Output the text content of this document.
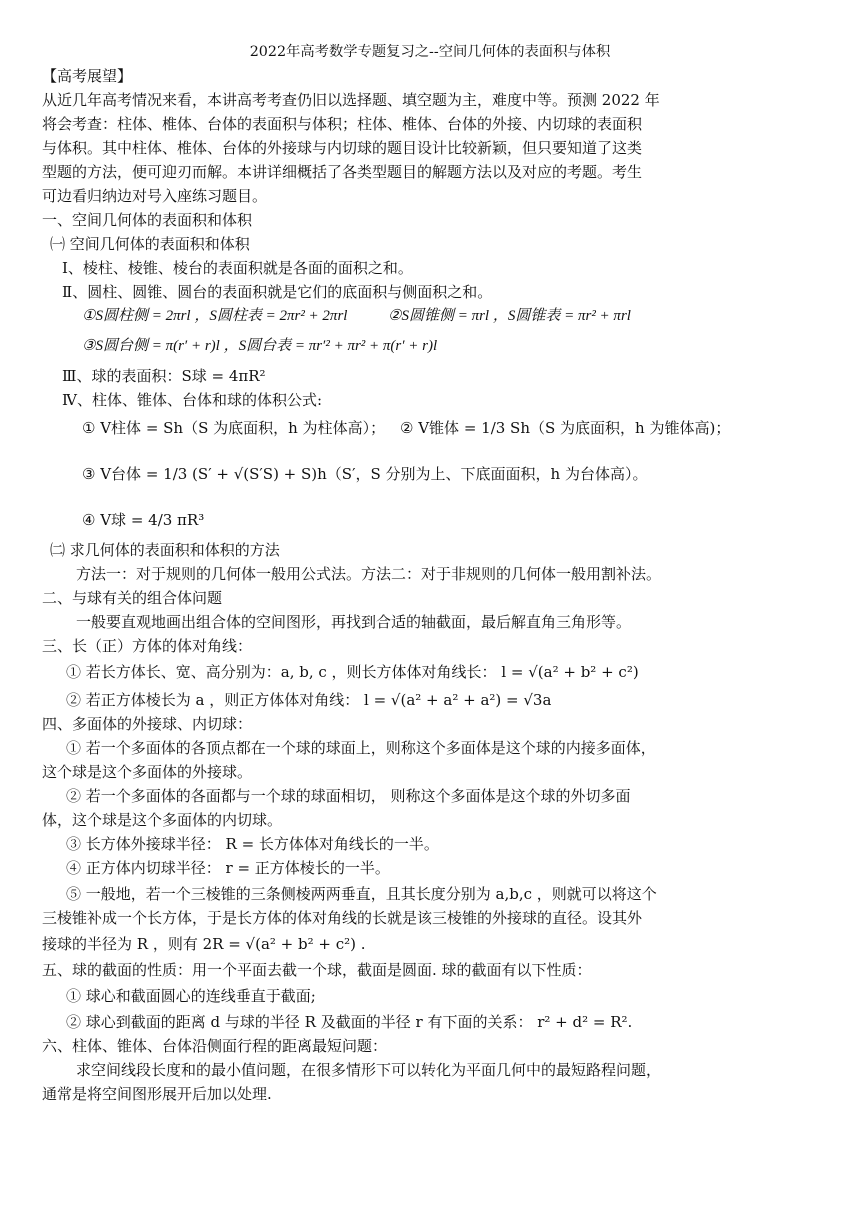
2022年高考数学专题复习之--空间几何体的表面积与体积
【高考展望】
从近几年高考情况来看，本讲高考考查仍旧以选择题、填空题为主，难度中等。预测 2022 年
将会考查：柱体、椎体、台体的表面积与体积；柱体、椎体、台体的外接、内切球的表面积
与体积。其中柱体、椎体、台体的外接球与内切球的题目设计比较新颖，但只要知道了这类
型题的方法，便可迎刃而解。本讲详细概括了各类型题目的解题方法以及对应的考题。考生
可边看归纳边对号入座练习题目。
一、空间几何体的表面积和体积
㈠ 空间几何体的表面积和体积
Ⅰ、棱柱、棱锥、棱台的表面积就是各面的面积之和。
Ⅱ、圆柱、圆锥、圆台的表面积就是它们的底面积与侧面积之和。
①S圆柱侧 = 2πrl ，S圆柱表 = 2πr² + 2πrl	②S圆锥侧 = πrl ，S圆锥表 = πr² + πrl
③S圆台侧 = π(r′ + r)l ，S圆台表 = πr′² + πr² + π(r′ + r)l
Ⅲ、球的表面积：S球 = 4πR²
Ⅳ、柱体、锥体、台体和球的体积公式:
① V柱体 = Sh（S 为底面积，h 为柱体高）； ② V锥体 = 1/3 Sh（S 为底面积，h 为锥体高)；
③ V台体 = 1/3 (S′ + √(S′S) + S)h（S′，S 分别为上、下底面面积，h 为台体高）。
④ V球 = 4/3 πR³
㈡ 求几何体的表面积和体积的方法
方法一：对于规则的几何体一般用公式法。方法二：对于非规则的几何体一般用割补法。
二、与球有关的组合体问题
一般要直观地画出组合体的空间图形，再找到合适的轴截面，最后解直角三角形等。
三、长（正）方体的体对角线：
① 若长方体长、宽、高分别为：a, b, c ，则长方体体对角线长： l = √(a² + b² + c²)
② 若正方体棱长为 a ，则正方体体对角线： l = √(a² + a² + a²) = √3a
四、多面体的外接球、内切球：
① 若一个多面体的各顶点都在一个球的球面上，则称这个多面体是这个球的内接多面体，
这个球是这个多面体的外接球。
② 若一个多面体的各面都与一个球的球面相切， 则称这个多面体是这个球的外切多面
体，这个球是这个多面体的内切球。
③ 长方体外接球半径： R = 长方体体对角线长的一半。
④ 正方体内切球半径： r = 正方体棱长的一半。
⑤ 一般地，若一个三棱锥的三条侧棱两两垂直，且其长度分别为 a,b,c ，则就可以将这个
三棱锥补成一个长方体，于是长方体的体对角线的长就是该三棱锥的外接球的直径。设其外
接球的半径为 R ，则有 2R = √(a² + b² + c²) .
五、球的截面的性质：用一个平面去截一个球，截面是圆面. 球的截面有以下性质：
① 球心和截面圆心的连线垂直于截面;
② 球心到截面的距离 d 与球的半径 R 及截面的半径 r 有下面的关系： r² + d² = R².
六、柱体、锥体、台体沿侧面行程的距离最短问题：
求空间线段长度和的最小值问题，在很多情形下可以转化为平面几何中的最短路程问题，
通常是将空间图形展开后加以处理.
